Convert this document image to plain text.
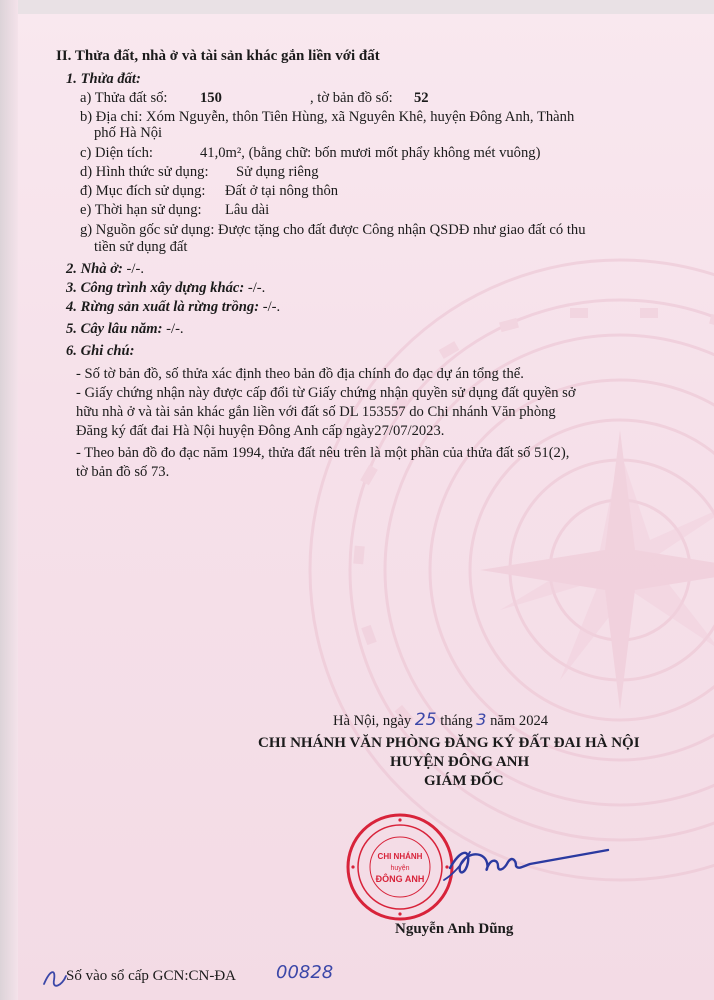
II. Thửa đất, nhà ở và tài sản khác gắn liền với đất
1. Thửa đất:
a) Thửa đất số: 150	, tờ bản đồ số: 52
b) Địa chỉ: Xóm Nguyễn, thôn Tiên Hùng, xã Nguyên Khê, huyện Đông Anh, Thành
phố Hà Nội
c) Diện tích:	41,0m², (bằng chữ: bốn mươi mốt phẩy không mét vuông)
d) Hình thức sử dụng: Sử dụng riêng
đ) Mục đích sử dụng: Đất ở tại nông thôn
e) Thời hạn sử dụng: Lâu dài
g) Nguồn gốc sử dụng: Được tặng cho đất được Công nhận QSDĐ như giao đất có thu
tiền sử dụng đất
2. Nhà ở: -/-.
3. Công trình xây dựng khác: -/-.
4. Rừng sản xuất là rừng trồng: -/-.
5. Cây lâu năm: -/-.
6. Ghi chú:
- Số tờ bản đồ, số thửa xác định theo bản đồ địa chính đo đạc dự án tổng thể.
- Giấy chứng nhận này được cấp đổi từ Giấy chứng nhận quyền sử dụng đất quyền sở
hữu nhà ở và tài sản khác gắn liền với đất số DL 153557 do Chi nhánh Văn phòng
Đăng ký đất đai Hà Nội huyện Đông Anh cấp ngày27/07/2023.
- Theo bản đồ đo đạc năm 1994, thửa đất nêu trên là một phần của thửa đất số 51(2),
tờ bản đồ số 73.
Hà Nội, ngày 25 tháng 3 năm 2024
CHI NHÁNH VĂN PHÒNG ĐĂNG KÝ ĐẤT ĐAI HÀ NỘI
HUYỆN ĐÔNG ANH
GIÁM ĐỐC
CHI NHÁNH
huyện
ĐÔNG ANH
Nguyễn Anh Dũng
Số vào sổ cấp GCN:CN-ĐA 00828
